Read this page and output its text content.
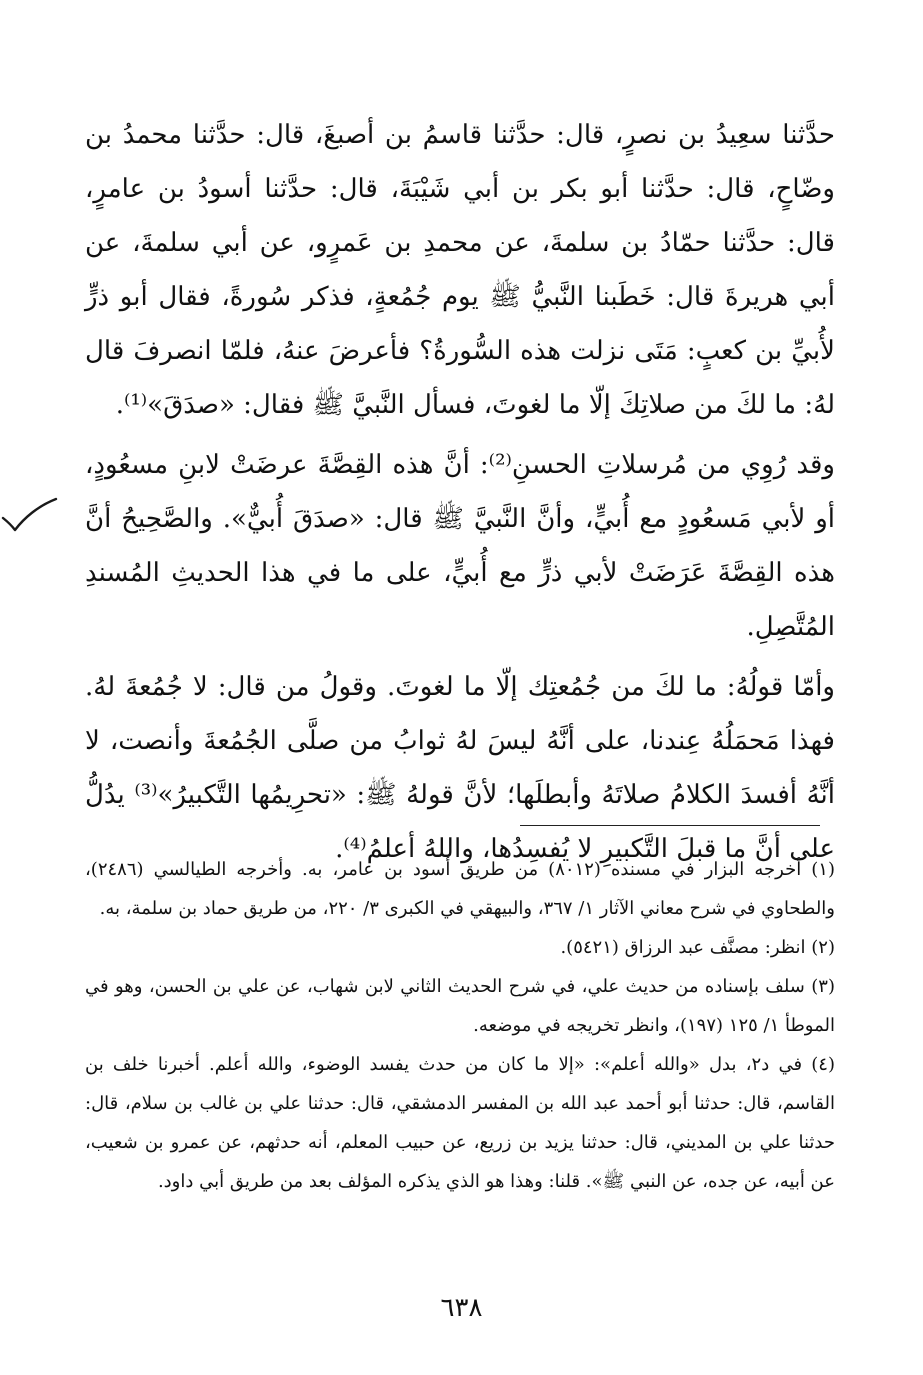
حدَّثنا سعِيدُ بن نصرٍ، قال: حدَّثنا قاسمُ بن أصبغَ، قال: حدَّثنا محمدُ بن وضّاحٍ، قال: حدَّثنا أبو بكر بن أبي شَيْبَةَ، قال: حدَّثنا أسودُ بن عامرٍ، قال: حدَّثنا حمّادُ بن سلمةَ، عن محمدِ بن عَمرٍو، عن أبي سلمةَ، عن أبي هريرةَ قال: خَطَبنا النَّبيُّ ﷺ يوم جُمُعةٍ، فذكر سُورةً، فقال أبو ذرٍّ لأُبيِّ بن كعبٍ: مَتَى نزلت هذه السُّورةُ؟ فأعرضَ عنهُ، فلمّا انصرفَ قال لهُ: ما لكَ من صلاتِكَ إلّا ما لغوتَ، فسأل النَّبيَّ ﷺ فقال: «صدَقَ»⁽¹⁾.

وقد رُوِي من مُرسلاتِ الحسنِ⁽²⁾: أنَّ هذه القِصَّةَ عرضَتْ لابنِ مسعُودٍ، أو لأبي مَسعُودٍ مع أُبيٍّ، وأنَّ النَّبيَّ ﷺ قال: «صدَقَ أُبيٌّ». والصَّحِيحُ أنَّ هذه القِصَّةَ عَرَضَتْ لأبي ذرٍّ مع أُبيٍّ، على ما في هذا الحديثِ المُسندِ المُتَّصِلِ.

وأمّا قولُهُ: ما لكَ من جُمُعتِك إلّا ما لغوتَ. وقولُ من قال: لا جُمُعةَ لهُ. فهذا مَحمَلُهُ عِندنا، على أنَّهُ ليسَ لهُ ثوابُ من صلَّى الجُمُعةَ وأنصت، لا أنَّهُ أفسدَ الكلامُ صلاتَهُ وأبطلَها؛ لأنَّ قولهُ ﷺ: «تحرِيمُها التَّكبيرُ»⁽³⁾ يدُلُّ على أنَّ ما قبلَ التَّكبيرِ لا يُفسِدُها، واللهُ أعلمُ⁽⁴⁾.

(١) أخرجه البزار في مسنده (٨٠١٢) من طريق أسود بن عامر، به. وأخرجه الطيالسي (٢٤٨٦)، والطحاوي في شرح معاني الآثار ١/ ٣٦٧، والبيهقي في الكبرى ٣/ ٢٢٠، من طريق حماد بن سلمة، به.

(٢) انظر: مصنَّف عبد الرزاق (٥٤٢١).

(٣) سلف بإسناده من حديث علي، في شرح الحديث الثاني لابن شهاب، عن علي بن الحسن، وهو في الموطأ ١/ ١٢٥ (١٩٧)، وانظر تخريجه في موضعه.

(٤) في د٢، بدل «والله أعلم»: «إلا ما كان من حدث يفسد الوضوء، والله أعلم. أخبرنا خلف بن القاسم، قال: حدثنا أبو أحمد عبد الله بن المفسر الدمشقي، قال: حدثنا علي بن غالب بن سلام، قال: حدثنا علي بن المديني، قال: حدثنا يزيد بن زريع، عن حبيب المعلم، أنه حدثهم، عن عمرو بن شعيب، عن أبيه، عن جده، عن النبي ﷺ». قلنا: وهذا هو الذي يذكره المؤلف بعد من طريق أبي داود.

٦٣٨
